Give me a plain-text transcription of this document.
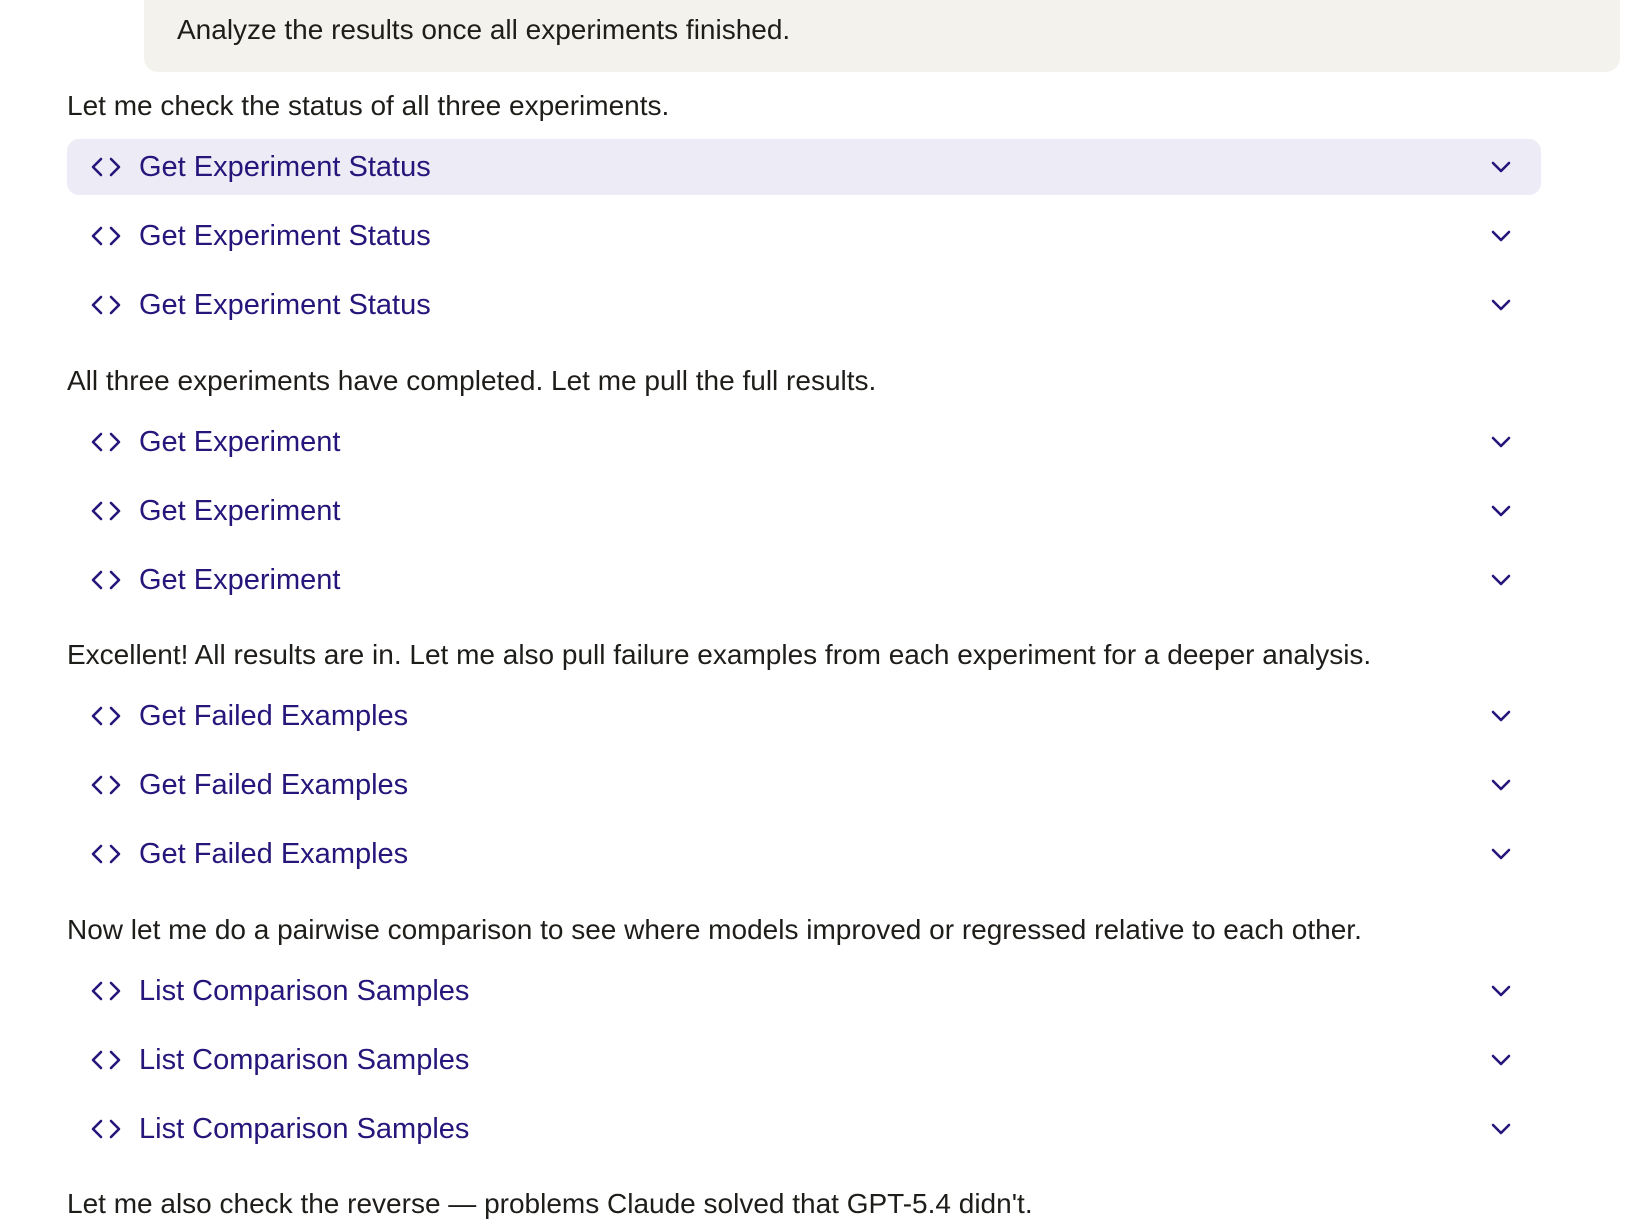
Analyze the results once all experiments finished.
Let me check the status of all three experiments.
Get Experiment Status
Get Experiment Status
Get Experiment Status
All three experiments have completed. Let me pull the full results.
Get Experiment
Get Experiment
Get Experiment
Excellent! All results are in. Let me also pull failure examples from each experiment for a deeper analysis.
Get Failed Examples
Get Failed Examples
Get Failed Examples
Now let me do a pairwise comparison to see where models improved or regressed relative to each other.
List Comparison Samples
List Comparison Samples
List Comparison Samples
Let me also check the reverse — problems Claude solved that GPT-5.4 didn't.
